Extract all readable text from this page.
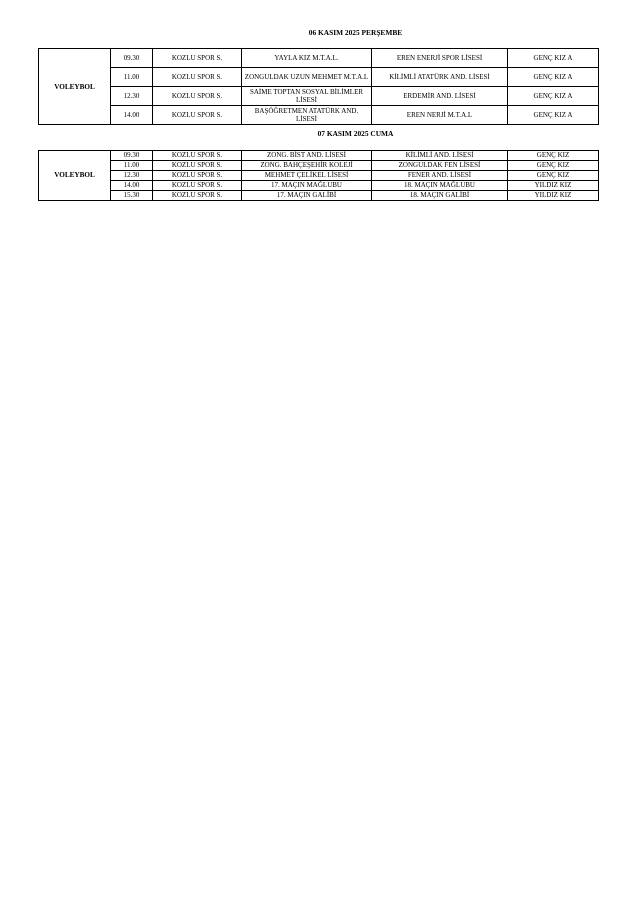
06 KASIM 2025 PERŞEMBE
VOLEYBOL	09.30	KOZLU SPOR S.	YAYLA KIZ M.T.A.L.	EREN ENERJİ SPOR LİSESİ	GENÇ KIZ A
	11.00	KOZLU SPOR S.	ZONGULDAK UZUN MEHMET M.T.A.L	KİLİMLİ ATATÜRK AND. LİSESİ	GENÇ KIZ A
	12.30	KOZLU SPOR S.	SAİME TOPTAN SOSYAL BİLİMLER LİSESİ	ERDEMİR AND. LİSESİ	GENÇ KIZ A
	14.00	KOZLU SPOR S.	BAŞÖĞRETMEN ATATÜRK AND. LİSESİ	EREN NERJİ M.T.A.L	GENÇ KIZ A
07 KASIM 2025 CUMA
VOLEYBOL	09.30	KOZLU SPOR S.	ZONG. BİST AND. LİSESİ	KİLİMLİ AND. LİSESİ	GENÇ KIZ
	11.00	KOZLU SPOR S.	ZONG. BAHÇEŞEHİR KOLEJİ	ZONGULDAK FEN LİSESİ	GENÇ KIZ
	12.30	KOZLU SPOR S.	MEHMET ÇELİKEL LİSESİ	FENER AND. LİSESİ	GENÇ KIZ
	14.00	KOZLU SPOR S.	17. MAÇIN MAĞLUBU	18. MAÇIN MAĞLUBU	YILDIZ KIZ
	15.30	KOZLU SPOR S.	17. MAÇIN GALİBİ	18. MAÇIN GALİBİ	YILDIZ KIZ
